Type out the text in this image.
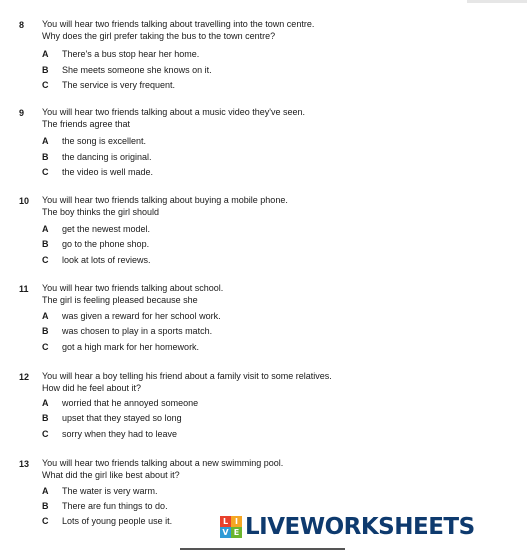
8 You will hear two friends talking about travelling into the town centre.
Why does the girl prefer taking the bus to the town centre?
A There's a bus stop hear her home.
B She meets someone she knows on it.
C The service is very frequent.
9 You will hear two friends talking about a music video they've seen.
The friends agree that
A the song is excellent.
B the dancing is original.
C the video is well made.
10 You will hear two friends talking about buying a mobile phone.
The boy thinks the girl should
A get the newest model.
B go to the phone shop.
C look at lots of reviews.
11 You will hear two friends talking about school.
The girl is feeling pleased because she
A was given a reward for her school work.
B was chosen to play in a sports match.
C got a high mark for her homework.
12 You will hear a boy telling his friend about a family visit to some relatives.
How did he feel about it?
A worried that he annoyed someone
B upset that they stayed so long
C sorry when they had to leave
13 You will hear two friends talking about a new swimming pool.
What did the girl like best about it?
A The water is very warm.
B There are fun things to do.
C Lots of young people use it.	L I
V E LIVEWORKSHEETS
